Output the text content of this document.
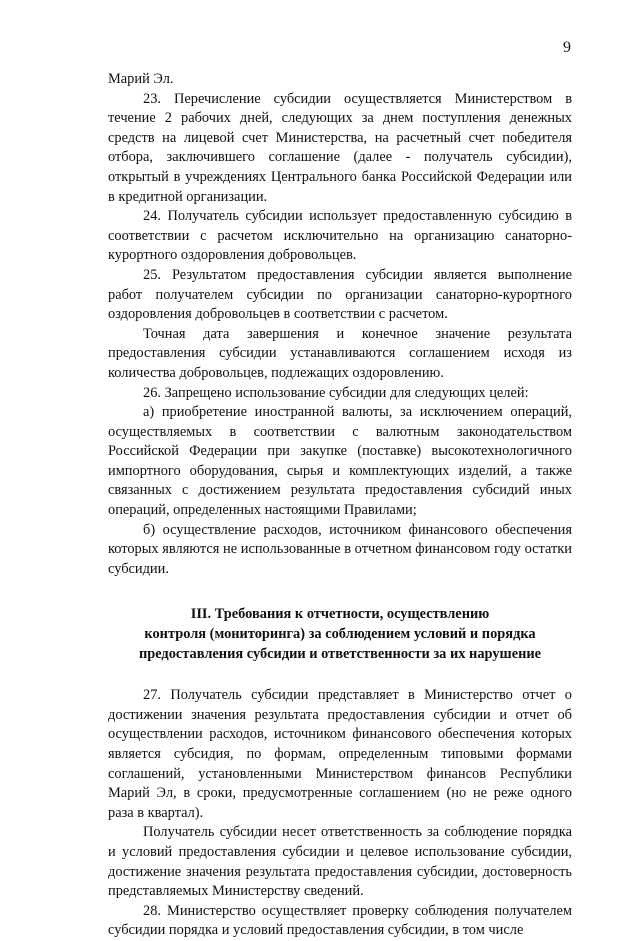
9

Марий Эл.

23. Перечисление субсидии осуществляется Министерством в течение 2 рабочих дней, следующих за днем поступления денежных средств на лицевой счет Министерства, на расчетный счет победителя отбора, заключившего соглашение (далее - получатель субсидии), открытый в учреждениях Центрального банка Российской Федерации или в кредитной организации.

24. Получатель субсидии использует предоставленную субсидию в соответствии с расчетом исключительно на организацию санаторно-курортного оздоровления добровольцев.

25. Результатом предоставления субсидии является выполнение работ получателем субсидии по организации санаторно-курортного оздоровления добровольцев в соответствии с расчетом.

Точная дата завершения и конечное значение результата предоставления субсидии устанавливаются соглашением исходя из количества добровольцев, подлежащих оздоровлению.

26. Запрещено использование субсидии для следующих целей:

а) приобретение иностранной валюты, за исключением операций, осуществляемых в соответствии с валютным законодательством Российской Федерации при закупке (поставке) высокотехнологичного импортного оборудования, сырья и комплектующих изделий, а также связанных с достижением результата предоставления субсидий иных операций, определенных настоящими Правилами;

б) осуществление расходов, источником финансового обеспечения которых являются не использованные в отчетном финансовом году остатки субсидии.

III. Требования к отчетности, осуществлению
контроля (мониторинга) за соблюдением условий и порядка
предоставления субсидии и ответственности за их нарушение

27. Получатель субсидии представляет в Министерство отчет о достижении значения результата предоставления субсидии и отчет об осуществлении расходов, источником финансового обеспечения которых является субсидия, по формам, определенным типовыми формами соглашений, установленными Министерством финансов Республики Марий Эл, в сроки, предусмотренные соглашением (но не реже одного раза в квартал).

Получатель субсидии несет ответственность за соблюдение порядка и условий предоставления субсидии и целевое использование субсидии, достижение значения результата предоставления субсидии, достоверность представляемых Министерству сведений.

28. Министерство осуществляет проверку соблюдения получателем субсидии порядка и условий предоставления субсидии, в том числе
